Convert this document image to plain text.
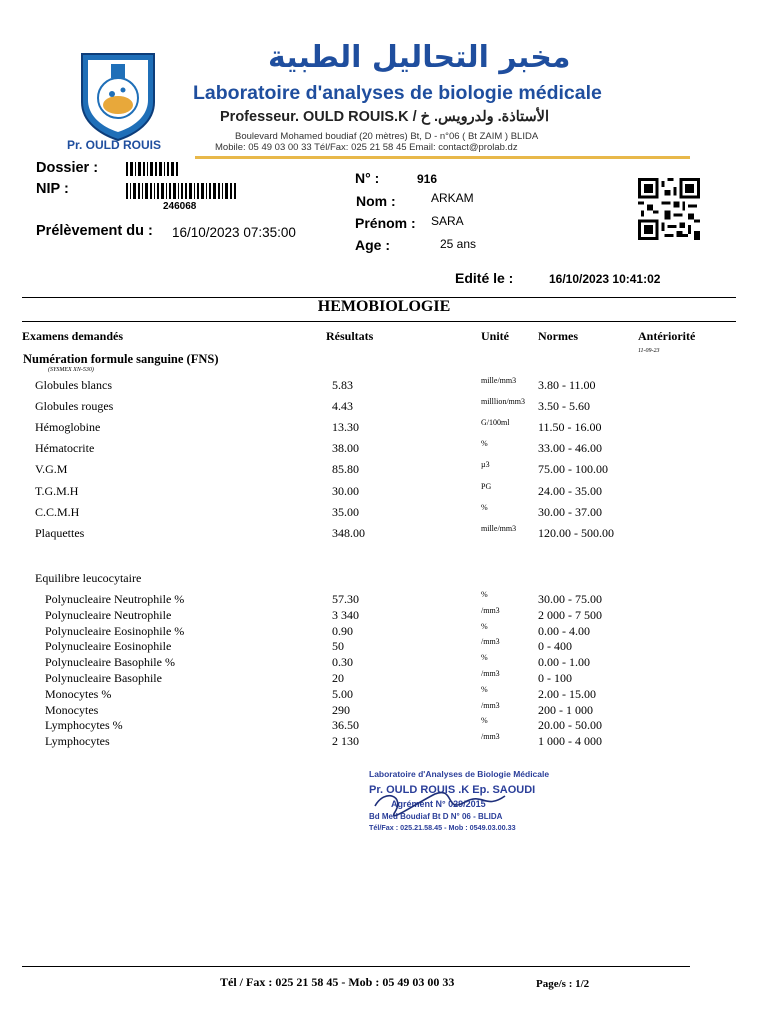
Pr. OULD ROUIS
مخبر التحاليل الطبية
Laboratoire d'analyses de biologie médicale
Professeur. OULD ROUIS.K / الأستاذة. ولدرويس. خ
Boulevard Mohamed boudiaf (20 mètres) Bt, D - n°06 ( Bt ZAIM ) BLIDA
Mobile: 05 49 03 00 33 Tél/Fax: 025 21 58 45 Email: contact@prolab.dz
Dossier :
NIP :
246068
Prélèvement du : 16/10/2023 07:35:00
N° :	916
Nom :	ARKAM
Prénom : SARA
Age :	25 ans
Edité le :	16/10/2023 10:41:02
HEMOBIOLOGIE
Examens demandés	Résultats	Unité Normes	Antériorité
11-09-23
Numération formule sanguine (FNS)
(SYSMEX XN-530)
Globules blancs	5.83	mille/mm3 3.80 - 11.00
Globules rouges	4.43	milllion/mm3 3.50 - 5.60
Hémoglobine	13.30	G/100ml 11.50 - 16.00
Hématocrite	38.00	%	33.00 - 46.00
V.G.M	85.80	µ3	75.00 - 100.00
T.G.M.H	30.00	PG	24.00 - 35.00
C.C.M.H	35.00	%	30.00 - 37.00
Plaquettes	348.00	mille/mm3 120.00 - 500.00
Equilibre leucocytaire
Polynucleaire Neutrophile %	57.30	%	30.00 - 75.00
Polynucleaire Neutrophile	3 340	/mm3	2 000 - 7 500
Polynucleaire Eosinophile %	0.90	%	0.00 - 4.00
Polynucleaire Eosinophile	50	/mm3	0 - 400
Polynucleaire Basophile %	0.30	%	0.00 - 1.00
Polynucleaire Basophile	20	/mm3	0 - 100
Monocytes %	5.00	%	2.00 - 15.00
Monocytes	290	/mm3	200 - 1 000
Lymphocytes %	36.50	%	20.00 - 50.00
Lymphocytes	2 130	/mm3	1 000 - 4 000
Laboratoire d'Analyses de Biologie Médicale
Pr. OULD ROUIS .K Ep. SAOUDI
Agrément N° 029/2015
Bd Med Boudiaf Bt D N° 06 - BLIDA
Tél/Fax : 025.21.58.45 - Mob : 0549.03.00.33
Tél / Fax : 025 21 58 45 - Mob : 05 49 03 00 33	Page/s : 1/2
